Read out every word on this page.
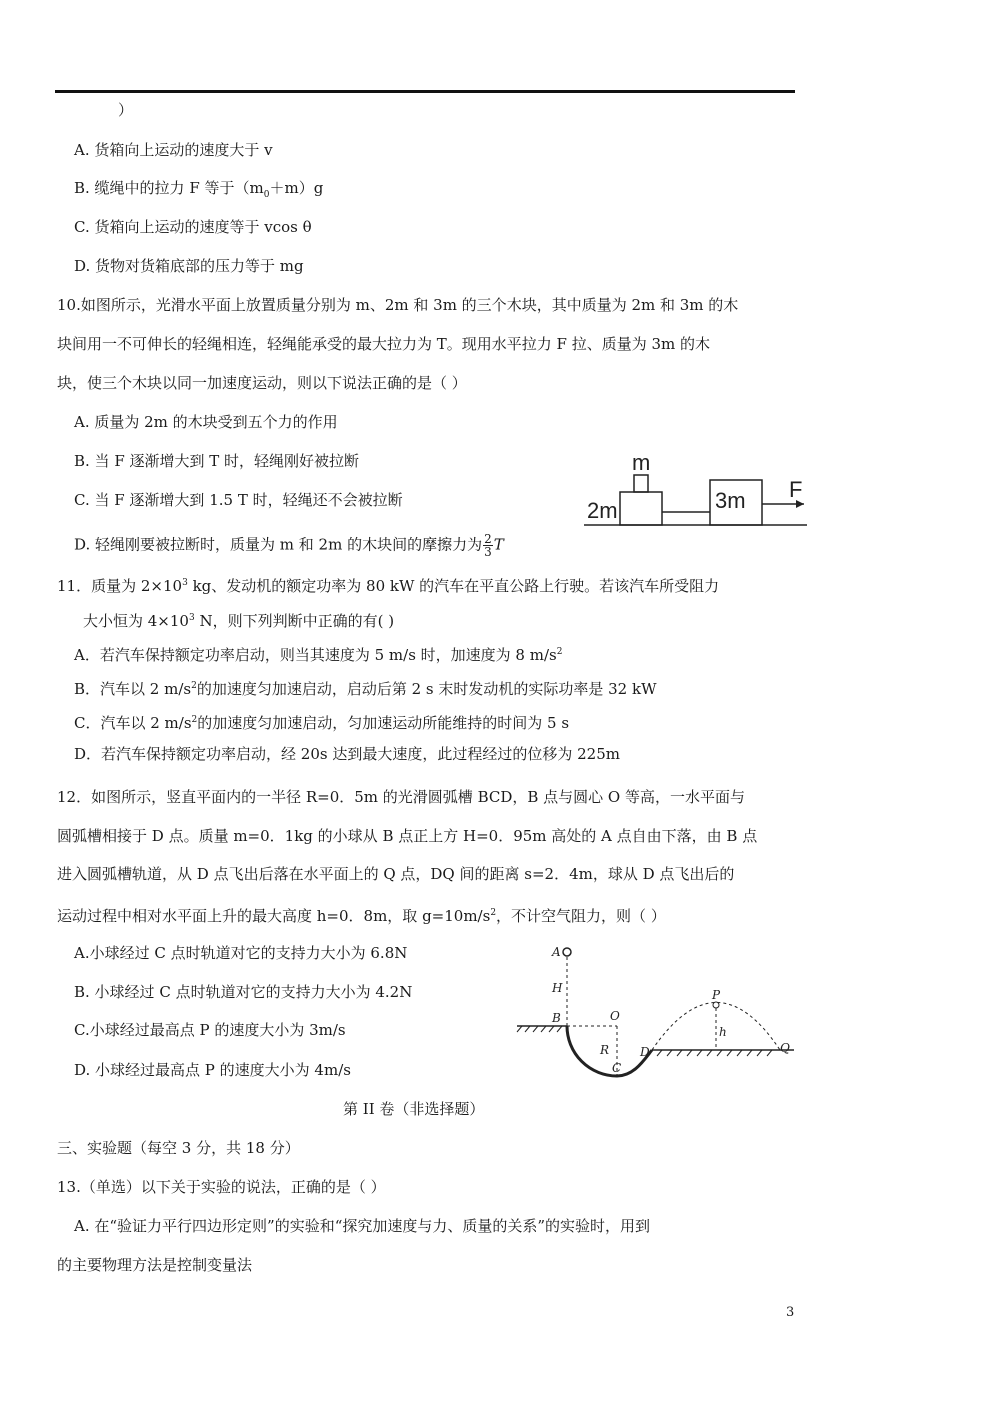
）
A. 货箱向上运动的速度大于 v
B. 缆绳中的拉力 F 等于$(m_0+m)g$
C. 货箱向上运动的速度等于 vcos θ
D. 货物对货箱底部的压力等于 mg
10.如图所示，光滑水平面上放置质量分别为 m、2m 和 3m 的三个木块，其中质量为 2m 和 3m 的木
块间用一不可伸长的轻绳相连，轻绳能承受的最大拉力为 T。现用水平拉力 F 拉、质量为 3m 的木
块，使三个木块以同一加速度运动，则以下说法正确的是（ ）
A. 质量为 2m 的木块受到五个力的作用
B. 当 F 逐渐增大到 T 时，轻绳刚好被拉断
C. 当 F 逐渐增大到 1.5 T 时，轻绳还不会被拉断
D. 轻绳刚要被拉断时，质量为 m 和 2m 的木块间的摩擦力为 $\frac{2}{3}$ T
m
2m	3m F
11．质量为 $2\times 10^3$ kg、发动机的额定功率为 80 kW 的汽车在平直公路上行驶。若该汽车所受阻力
大小恒为 $4\times 10^3$ N，则下列判断中正确的有( )
A．若汽车保持额定功率启动，则当其速度为 5 m/s 时，加速度为 8 $m/s^2$
B．汽车以 2 $m/s^2$的加速度匀加速启动，启动后第 2 s 末时发动机的实际功率是 32 kW
C．汽车以 2 $m/s^2$的加速度匀加速启动，匀加速运动所能维持的时间为 5 s
D．若汽车保持额定功率启动，经 20s 达到最大速度，此过程经过的位移为 225m
12．如图所示，竖直平面内的一半径 R=0．5m 的光滑圆弧槽 BCD，B 点与圆心 O 等高，一水平面与
圆弧槽相接于 D 点。质量 m=0．1kg 的小球从 B 点正上方 H=0．95m 高处的 A 点自由下落，由 B 点
进入圆弧槽轨道，从 D 点飞出后落在水平面上的 Q 点，DQ 间的距离 s=2．4m，球从 D 点飞出后的
运动过程中相对水平面上升的最大高度 h=0．8m，取 $g=10m/s^2$，不计空气阻力，则（ ）
A.小球经过 C 点时轨道对它的支持力大小为 6.8N
B. 小球经过 C 点时轨道对它的支持力大小为 4.2N
C.小球经过最高点 P 的速度大小为 3m/s
D. 小球经过最高点 P 的速度大小为 4m/s
A
H
B	O
R
C
D
P
h
Q
第 II 卷（非选择题）
三、实验题（每空 3 分，共 18 分）
13.（单选）以下关于实验的说法，正确的是（ ）
A. 在“验证力平行四边形定则”的实验和“探究加速度与力、质量的关系”的实验时，用到
的主要物理方法是控制变量法
3
